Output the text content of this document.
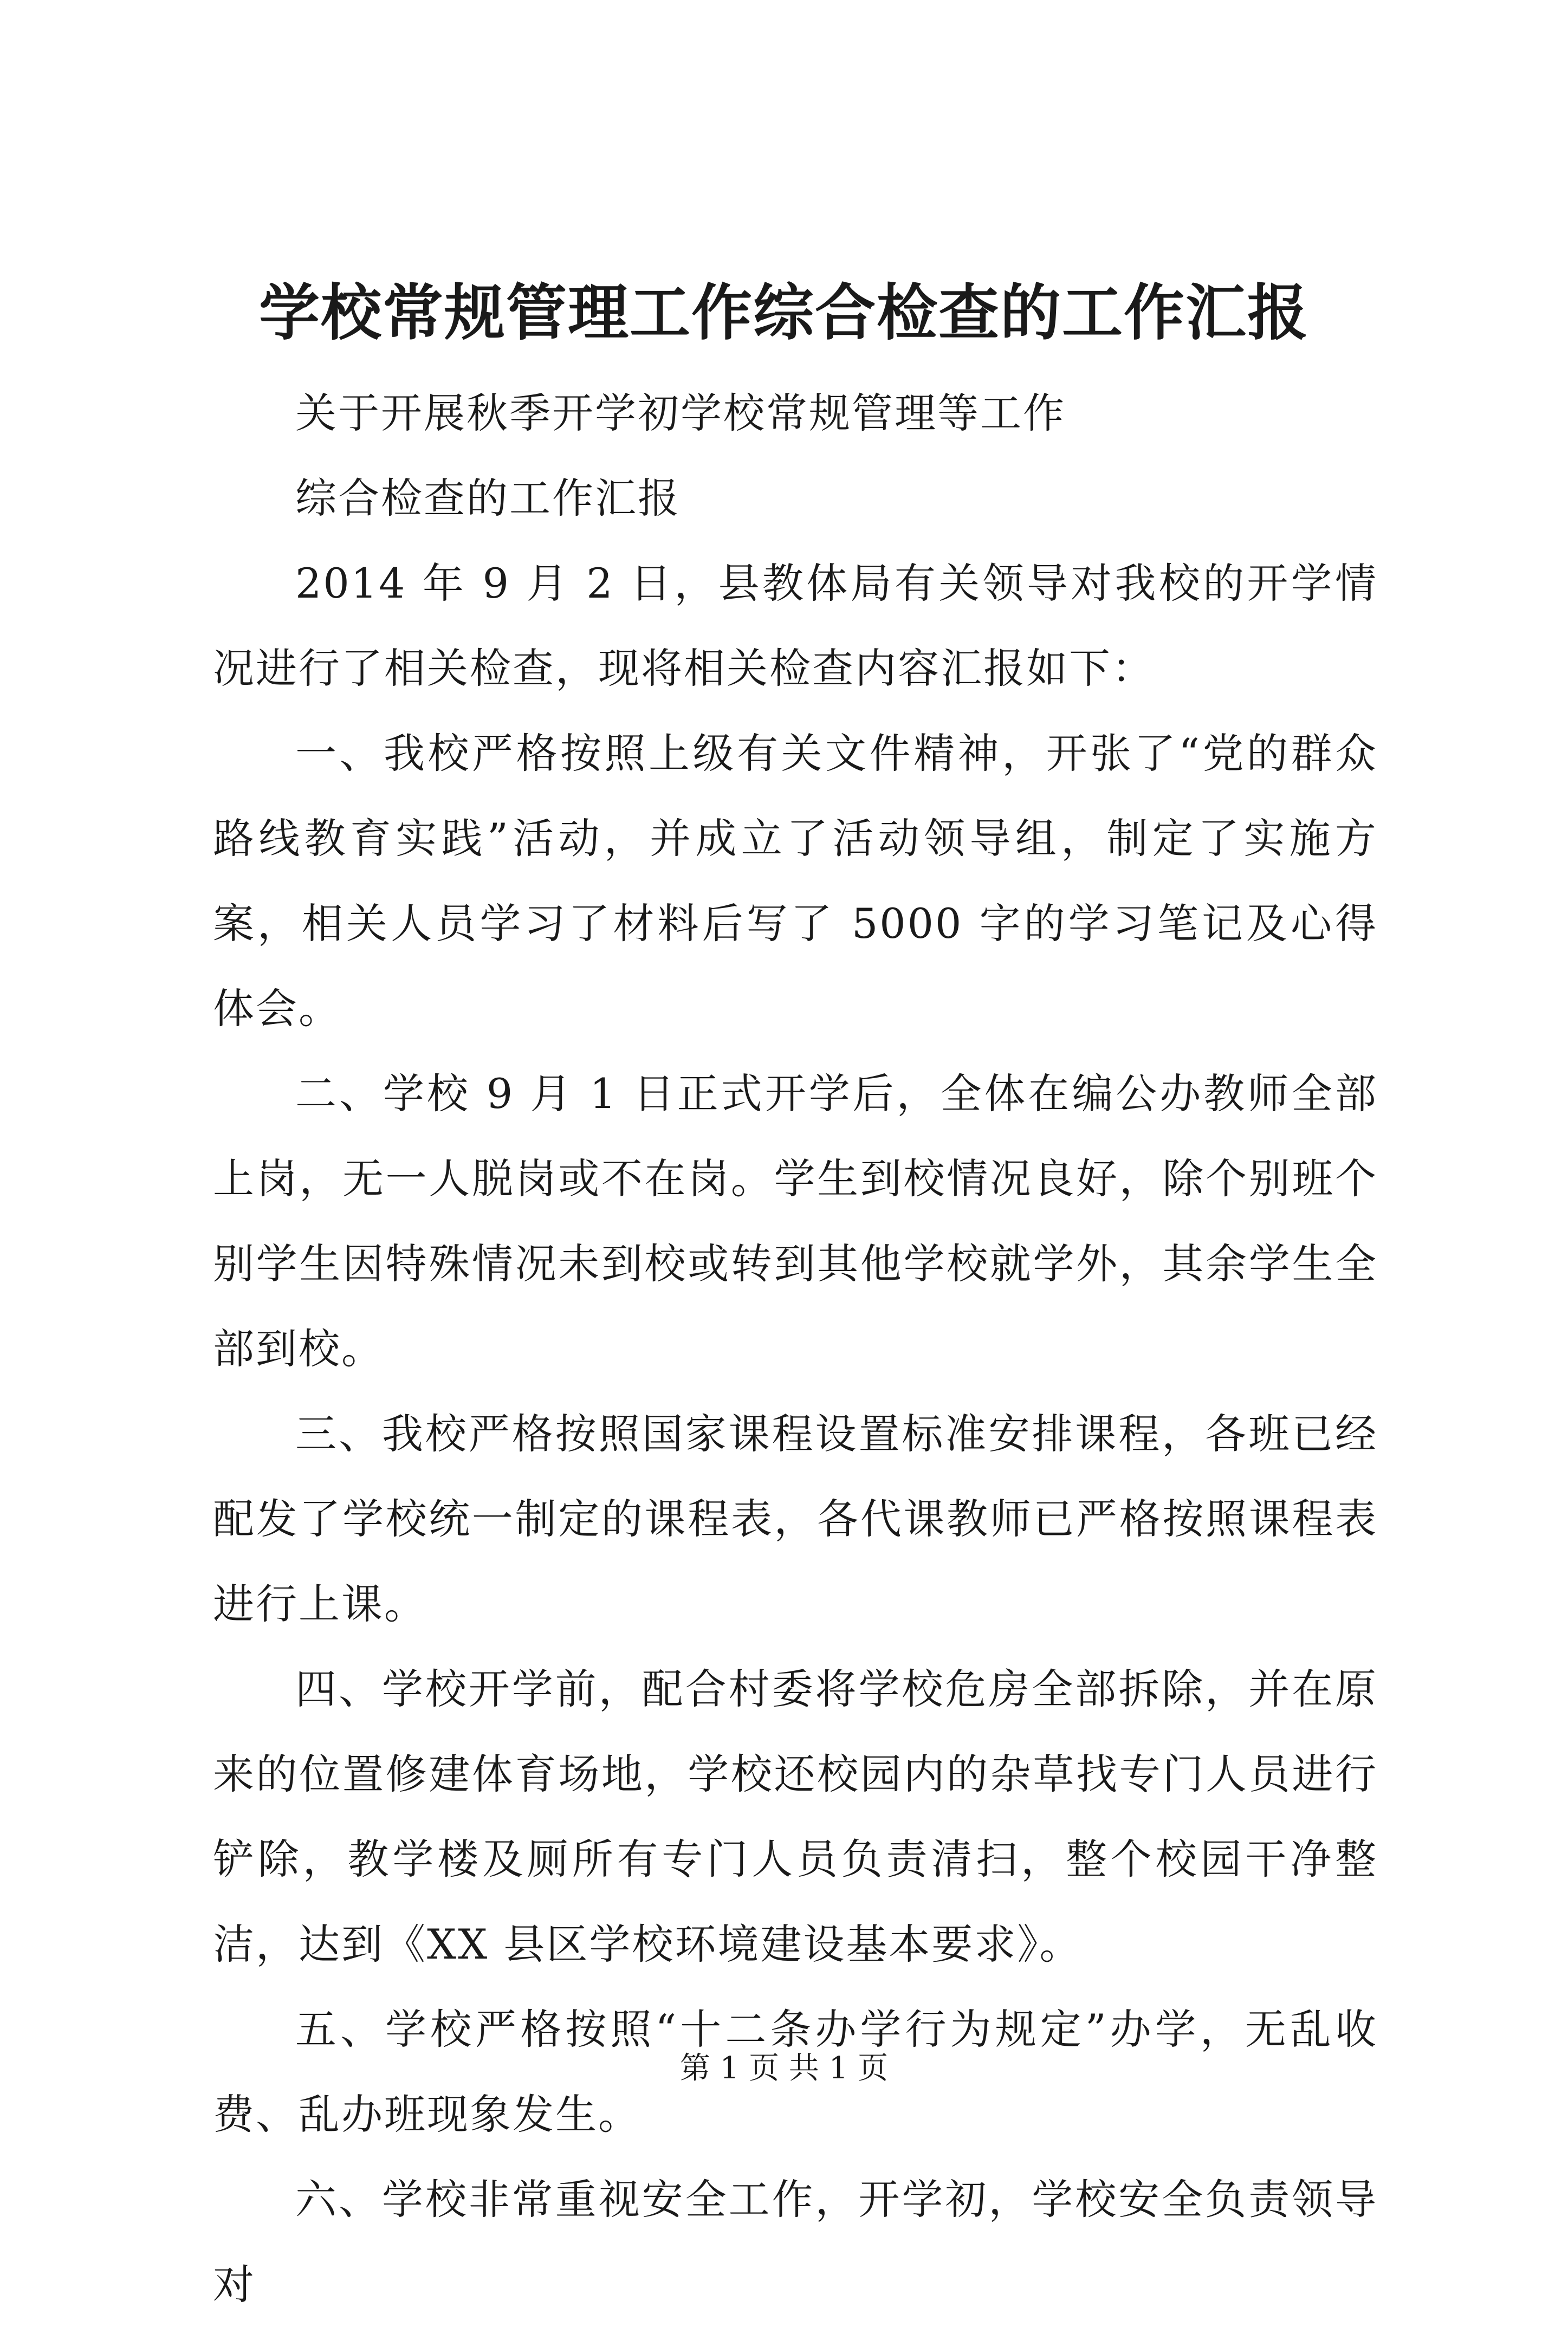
学校常规管理工作综合检查的工作汇报

关于开展秋季开学初学校常规管理等工作

综合检查的工作汇报

2014 年 9 月 2 日，县教体局有关领导对我校的开学情况进行了相关检查，现将相关检查内容汇报如下：

一、我校严格按照上级有关文件精神，开张了“党的群众路线教育实践”活动，并成立了活动领导组，制定了实施方案，相关人员学习了材料后写了 5000 字的学习笔记及心得体会。

二、学校 9 月 1 日正式开学后，全体在编公办教师全部上岗，无一人脱岗或不在岗。学生到校情况良好，除个别班个别学生因特殊情况未到校或转到其他学校就学外，其余学生全部到校。

三、我校严格按照国家课程设置标准安排课程，各班已经配发了学校统一制定的课程表，各代课教师已严格按照课程表进行上课。

四、学校开学前，配合村委将学校危房全部拆除，并在原来的位置修建体育场地，学校还校园内的杂草找专门人员进行铲除，教学楼及厕所有专门人员负责清扫，整个校园干净整洁，达到《XX 县区学校环境建设基本要求》。

五、学校严格按照“十二条办学行为规定”办学，无乱收费、乱办班现象发生。

六、学校非常重视安全工作，开学初，学校安全负责领导对

第 1 页 共 1 页
